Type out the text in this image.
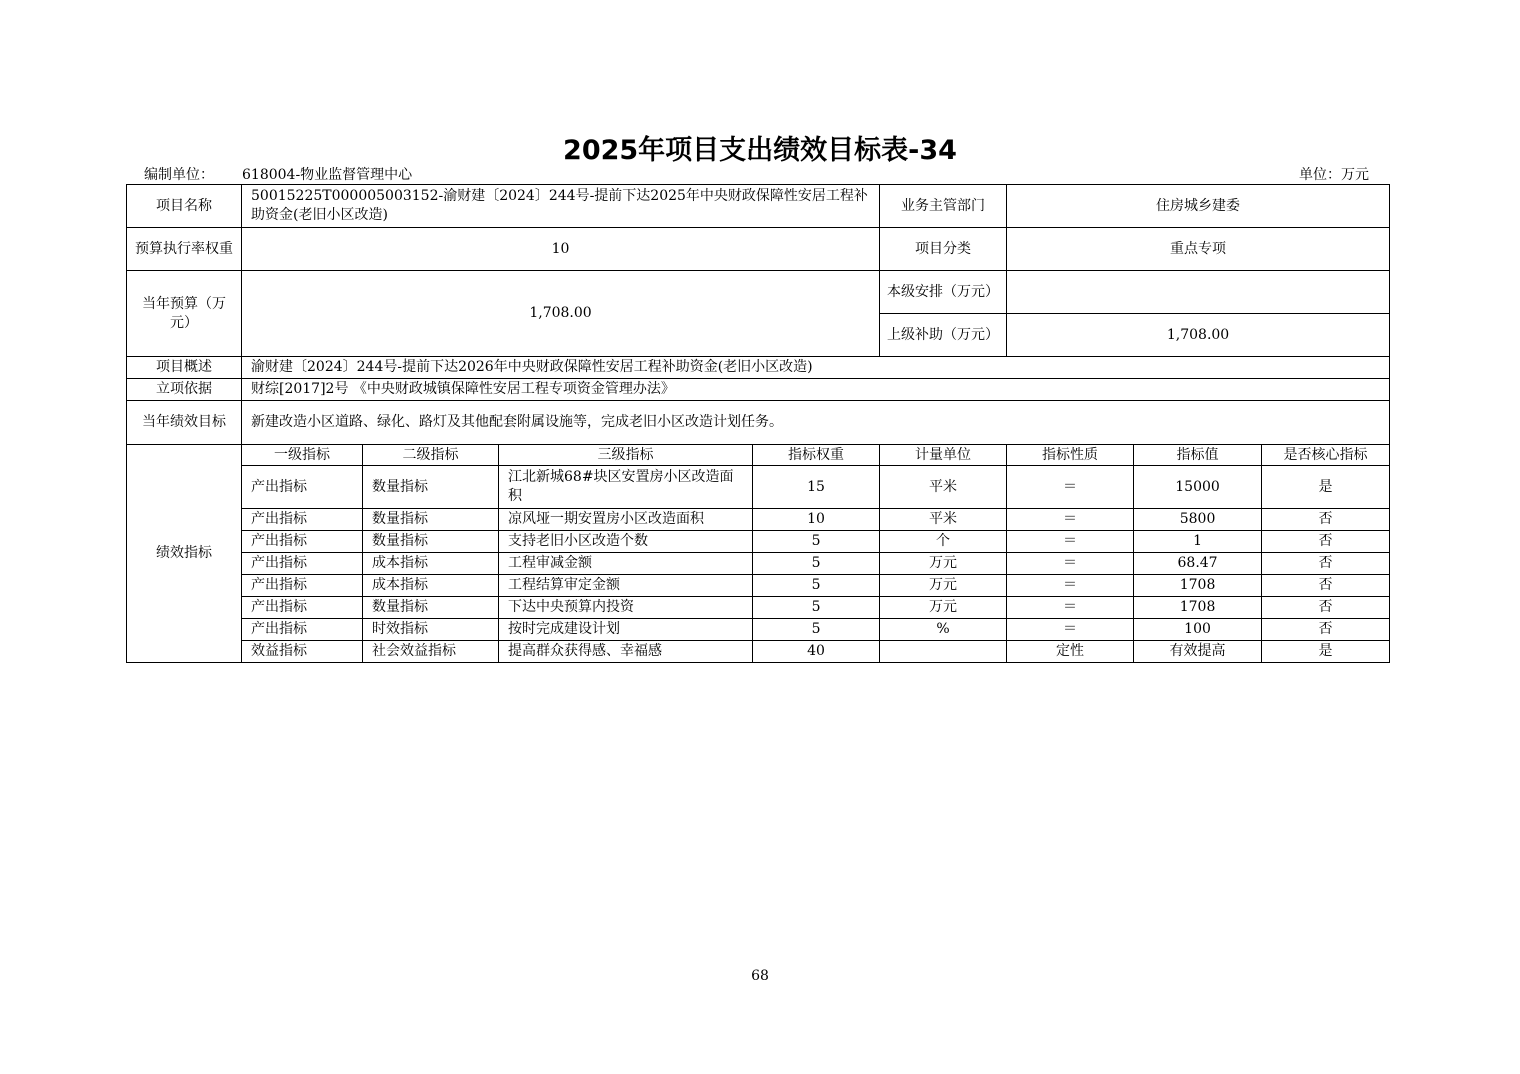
2025年项目支出绩效目标表-34
编制单位： 618004-物业监督管理中心	单位：万元
项目名称	50015225T000005003152-渝财建〔2024〕244号-提前下达2025年中央财政保障性安居工程补助资金(老旧小区改造)				业务主管部门	住房城乡建委		
预算执行率权重	10				项目分类	重点专项		
当年预算（万元）	1,708.00				本级安排（万元）			
					上级补助（万元）	1,708.00		
项目概述	渝财建〔2024〕244号-提前下达2026年中央财政保障性安居工程补助资金(老旧小区改造)							
立项依据	财综[2017]2号 《中央财政城镇保障性安居工程专项资金管理办法》							
当年绩效目标	新建改造小区道路、绿化、路灯及其他配套附属设施等，完成老旧小区改造计划任务。							
绩效指标	一级指标	二级指标	三级指标	指标权重	计量单位	指标性质	指标值	是否核心指标
	产出指标	数量指标	江北新城68#块区安置房小区改造面积	15	平米	＝	15000	是
	产出指标	数量指标	凉风垭一期安置房小区改造面积	10	平米	＝	5800	否
	产出指标	数量指标	支持老旧小区改造个数	5	个	＝	1	否
	产出指标	成本指标	工程审减金额	5	万元	＝	68.47	否
	产出指标	成本指标	工程结算审定金额	5	万元	＝	1708	否
	产出指标	数量指标	下达中央预算内投资	5	万元	＝	1708	否
	产出指标	时效指标	按时完成建设计划	5	%	＝	100	否
	效益指标	社会效益指标	提高群众获得感、幸福感	40		定性	有效提高	是
68
